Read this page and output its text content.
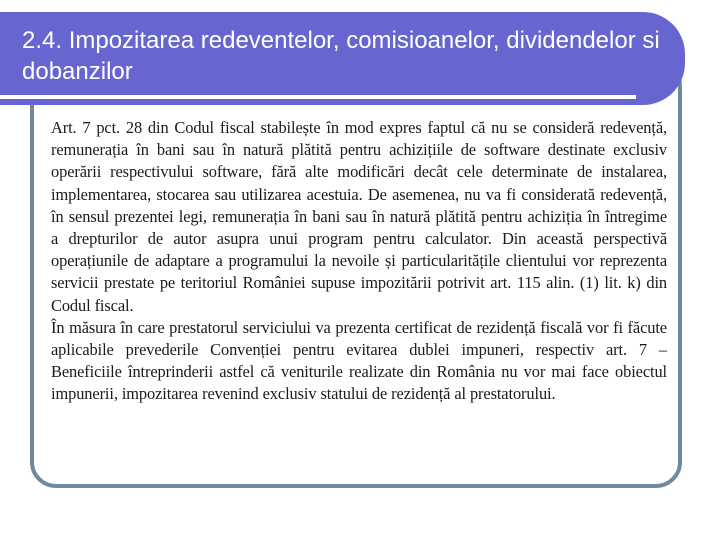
2.4. Impozitarea redeventelor, comisioanelor, dividendelor si dobanzilor

Art. 7 pct. 28 din Codul fiscal stabilește în mod expres faptul că nu se consideră redevență,
remunerația în bani sau în natură plătită pentru achizițiile de software destinate exclusiv
operării respectivului software, fără alte modificări decât cele determinate de instalarea,
implementarea, stocarea sau utilizarea acestuia. De asemenea, nu va fi considerată redevență,
în sensul prezentei legi, remunerația în bani sau în natură plătită pentru achiziția în întregime
a drepturilor de autor asupra unui program pentru calculator. Din această perspectivă
operațiunile de adaptare a programului la nevoile și particularitățile clientului vor reprezenta
servicii prestate pe teritoriul României supuse impozitării potrivit art. 115 alin. (1) lit. k) din
Codul fiscal.
În măsura în care prestatorul serviciului va prezenta certificat de rezidență fiscală vor fi făcute
aplicabile prevederile Convenției pentru evitarea dublei impuneri, respectiv art. 7 –
Beneficiile întreprinderii astfel că veniturile realizate din România nu vor mai face obiectul
impunerii, impozitarea revenind exclusiv statului de rezidență al prestatorului.
